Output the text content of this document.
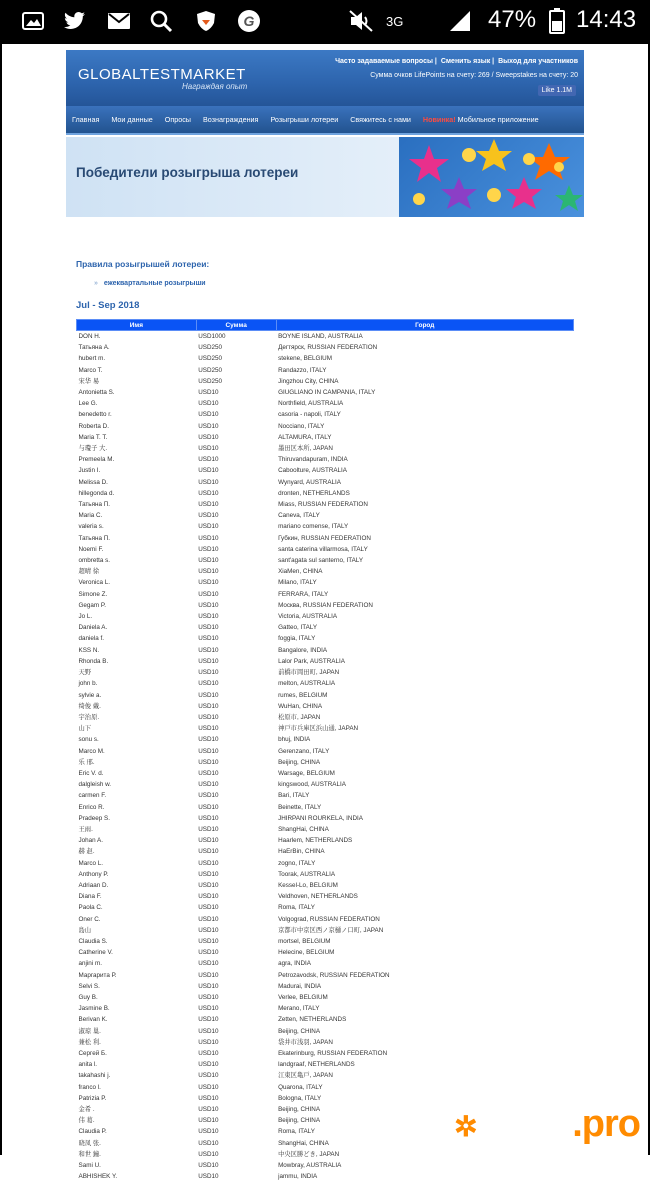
G	3G	47% 14:43
GLOBALTESTMARKET
Награждая опыт
Часто задаваемые вопросы | Сменить язык | Выход для участников
Сумма очков LifePoints на счету: 269 / Sweepstakes на счету: 20
Like 1.1M
Главная Мои данные Опросы Вознаграждения Розыгрыши лотереи Свяжитесь с нами Новинка! Мобильное приложение
Победители розыгрыша лотереи
Правила розыгрышей лотереи:
» ежеквартальные розыгрыши
Jul - Sep 2018
Имя	Сумма	Город
DON H.	USD1000	BOYNE ISLAND, AUSTRALIA
Татьяна А.	USD250	Дегтярск, RUSSIAN FEDERATION
hubert m.	USD250	stekene, BELGIUM
Marco T.	USD250	Randazzo, ITALY
宋华 易	USD250	Jingzhou City, CHINA
Antonietta S.	USD10	GIUGLIANO IN CAMPANIA, ITALY
Lee G.	USD10	Northfield, AUSTRALIA
benedetto r.	USD10	casoria - napoli, ITALY
Roberta D.	USD10	Nocciano, ITALY
Maria T. T.	USD10	ALTAMURA, ITALY
与瓊子 大.	USD10	墨田区本所, JAPAN
Premeela M.	USD10	Thiruvandapuram, INDIA
Justin I.	USD10	Caboolture, AUSTRALIA
Melissa D.	USD10	Wynyard, AUSTRALIA
hillegonda d.	USD10	dronten, NETHERLANDS
Татьяна П.	USD10	Miass, RUSSIAN FEDERATION
Maria C.	USD10	Caneva, ITALY
valeria s.	USD10	mariano comense, ITALY
Татьяна П.	USD10	Губкин, RUSSIAN FEDERATION
Noemi F.	USD10	santa caterina villarmosa, ITALY
ombretta s.	USD10	sant'agata sul santerno, ITALY
超晴 徐	USD10	XiaMen, CHINA
Veronica L.	USD10	Milano, ITALY
Simone Z.	USD10	FERRARA, ITALY
Gegam P.	USD10	Москва, RUSSIAN FEDERATION
Jo L.	USD10	Victoria, AUSTRALIA
Daniela A.	USD10	Gatteo, ITALY
daniela f.	USD10	foggia, ITALY
KSS N.	USD10	Bangalore, INDIA
Rhonda B.	USD10	Lalor Park, AUSTRALIA
天野	USD10	前橋市岡田町, JAPAN
john b.	USD10	melton, AUSTRALIA
sylvie a.	USD10	rumes, BELGIUM
绮俊 戴.	USD10	WuHan, CHINA
宇治原.	USD10	松原市, JAPAN
山下	USD10	神戸市兵庫区浜山通, JAPAN
sonu s.	USD10	bhuj, INDIA
Marco M.	USD10	Gerenzano, ITALY
乐 邢.	USD10	Beijing, CHINA
Eric V. d.	USD10	Warsage, BELGIUM
dalgleish w.	USD10	kingswood, AUSTRALIA
carmen F.	USD10	Bari, ITALY
Enrico R.	USD10	Beinette, ITALY
Pradeep S.	USD10	JHIRPANI ROURKELA, INDIA
王雨.	USD10	ShangHai, CHINA
Johan A.	USD10	Haarlem, NETHERLANDS
赫 赵.	USD10	HaErBin, CHINA
Marco L.	USD10	zogno, ITALY
Anthony P.	USD10	Toorak, AUSTRALIA
Adriaan D.	USD10	Kessel-Lo, BELGIUM
Diana F.	USD10	Veldhoven, NETHERLANDS
Paola C.	USD10	Roma, ITALY
Oner C.	USD10	Volgograd, RUSSIAN FEDERATION
島山	USD10	京都市中京区西ノ京樋ノ口町, JAPAN
Claudia S.	USD10	mortsel, BELGIUM
Catherine V.	USD10	Helecine, BELGIUM
anjini m.	USD10	agra, INDIA
Маргарита Р.	USD10	Petrozavodsk, RUSSIAN FEDERATION
Selvi S.	USD10	Madurai, INDIA
Guy B.	USD10	Verlee, BELGIUM
Jasmine B.	USD10	Merano, ITALY
Berivan K.	USD10	Zetten, NETHERLANDS
淑琼 巢.	USD10	Beijing, CHINA
兼松 利.	USD10	袋井市浅羽, JAPAN
Сергей Б.	USD10	Ekaterinburg, RUSSIAN FEDERATION
anita l.	USD10	landgraaf, NETHERLANDS
takahashi j.	USD10	江東区亀戸, JAPAN
franco l.	USD10	Quarona, ITALY
Patrizia P.	USD10	Bologna, ITALY
金希 .	USD10	Beijing, CHINA
伟 葛.	USD10	Beijing, CHINA
Claudia P.	USD10	Roma, ITALY
晓凤 张.	USD10	ShangHai, CHINA
和世 鐘.	USD10	中央区勝どき, JAPAN
Sami U.	USD10	Mowbray, AUSTRALIA
ABHISHEK Y.	USD10	jammu, INDIA
самые полезные отзывы
✲Otzyv.pro
